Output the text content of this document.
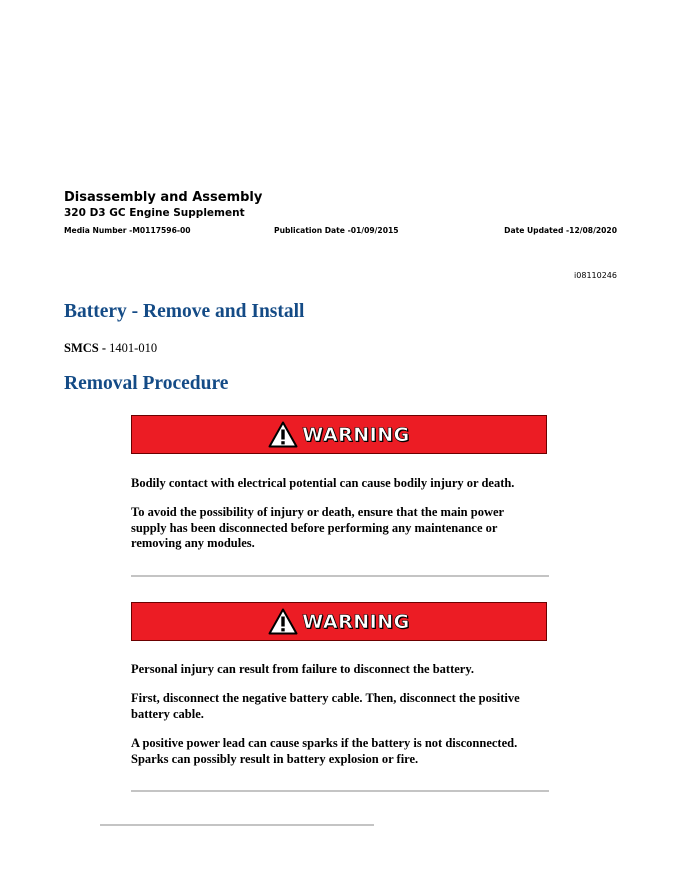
Disassembly and Assembly
320 D3 GC Engine Supplement
Media Number -M0117596-00	Publication Date -01/09/2015	Date Updated -12/08/2020
i08110246
Battery - Remove and Install
SMCS - 1401-010
Removal Procedure
WARNING

Bodily contact with electrical potential can cause bodily injury or death.

To avoid the possibility of injury or death, ensure that the main power supply has been disconnected before performing any maintenance or removing any modules.

WARNING

Personal injury can result from failure to disconnect the battery.

First, disconnect the negative battery cable. Then, disconnect the positive battery cable.

A positive power lead can cause sparks if the battery is not disconnected. Sparks can possibly result in battery explosion or fire.
